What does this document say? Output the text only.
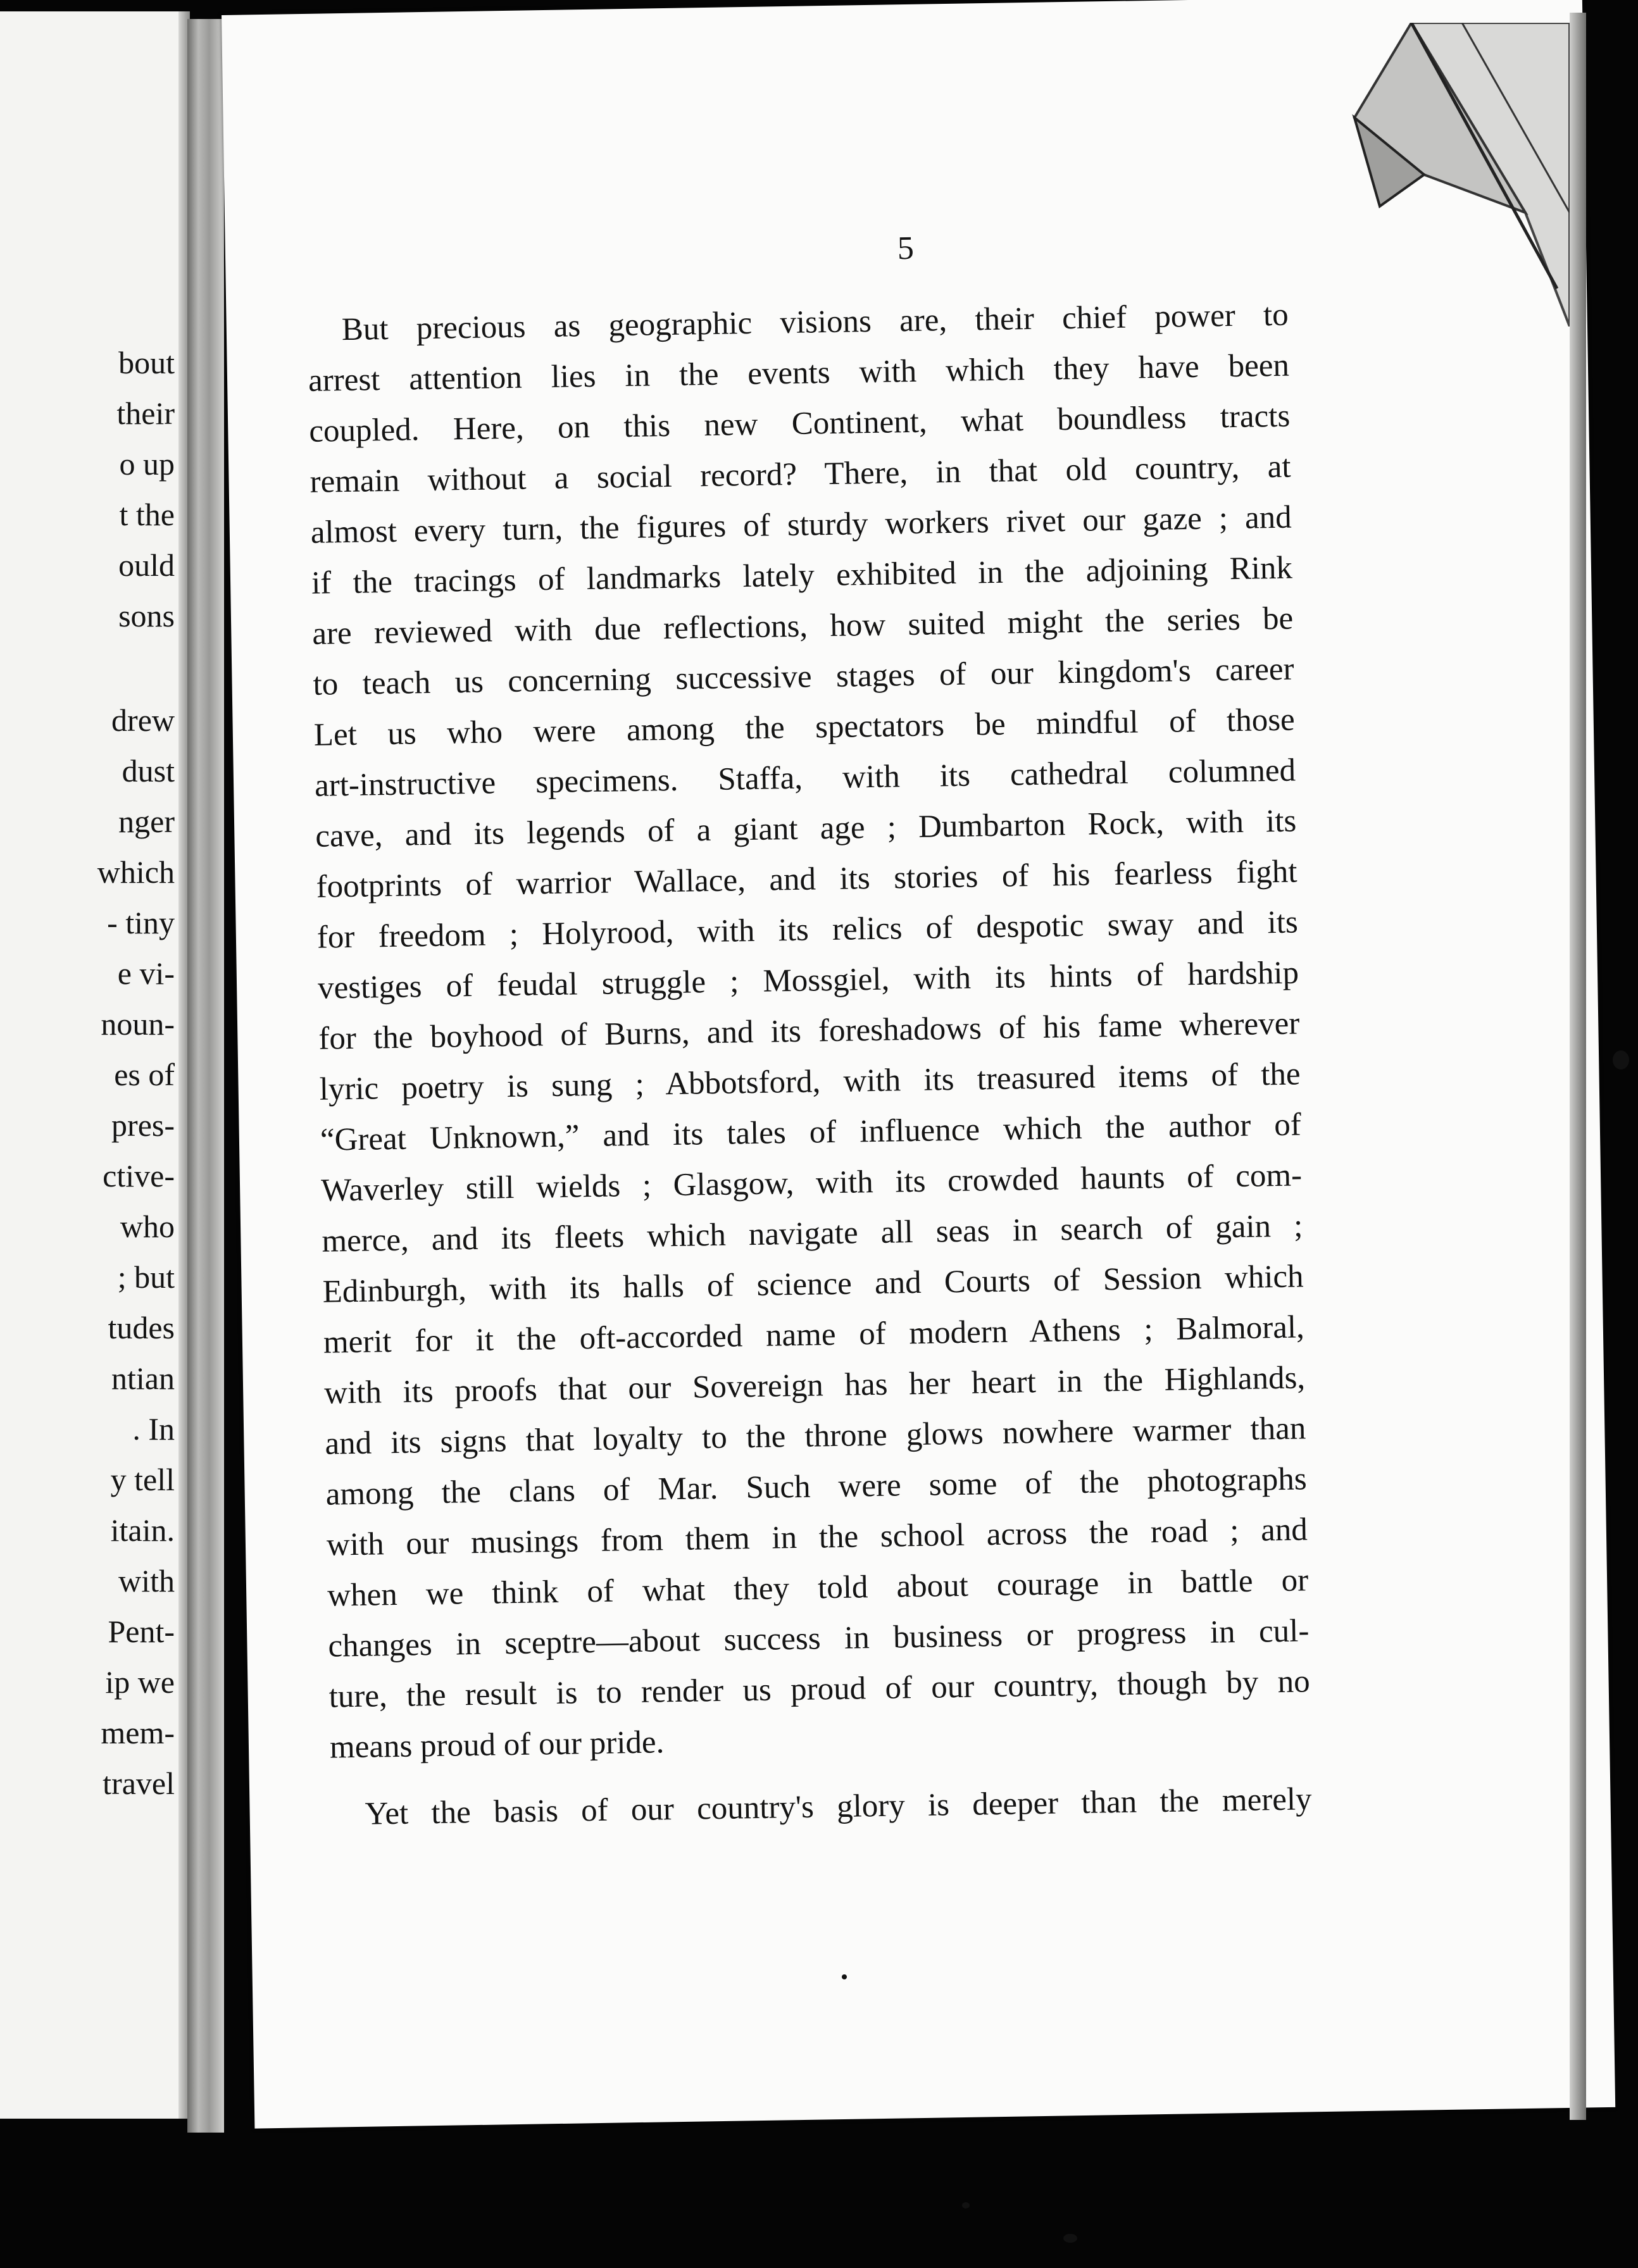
bout
their
o up
t the
ould
sons
drew
dust
nger
which
- tiny
e vi-
noun-
es of
pres-
ctive-
who
; but
tudes
ntian
. In
y tell
itain.
with
Pent-
ip we
mem-
travel
5
But precious as geographic visions are, their chief power to
arrest attention lies in the events with which they have been
coupled. Here, on this new Continent, what boundless tracts
remain without a social record? There, in that old country, at
almost every turn, the figures of sturdy workers rivet our gaze ; and
if the tracings of landmarks lately exhibited in the adjoining Rink
are reviewed with due reflections, how suited might the series be
to teach us concerning successive stages of our kingdom's career
Let us who were among the spectators be mindful of those
art-instructive specimens. Staffa, with its cathedral columned
cave, and its legends of a giant age ; Dumbarton Rock, with its
footprints of warrior Wallace, and its stories of his fearless fight
for freedom ; Holyrood, with its relics of despotic sway and its
vestiges of feudal struggle ; Mossgiel, with its hints of hardship
for the boyhood of Burns, and its foreshadows of his fame wherever
lyric poetry is sung ; Abbotsford, with its treasured items of the
“Great Unknown,” and its tales of influence which the author of
Waverley still wields ; Glasgow, with its crowded haunts of com-
merce, and its fleets which navigate all seas in search of gain ;
Edinburgh, with its halls of science and Courts of Session which
merit for it the oft-accorded name of modern Athens ; Balmoral,
with its proofs that our Sovereign has her heart in the Highlands,
and its signs that loyalty to the throne glows nowhere warmer than
among the clans of Mar. Such were some of the photographs
with our musings from them in the school across the road ; and
when we think of what they told about courage in battle or
changes in sceptre—about success in business or progress in cul-
ture, the result is to render us proud of our country, though by no
means proud of our pride.
Yet the basis of our country's glory is deeper than the merely
